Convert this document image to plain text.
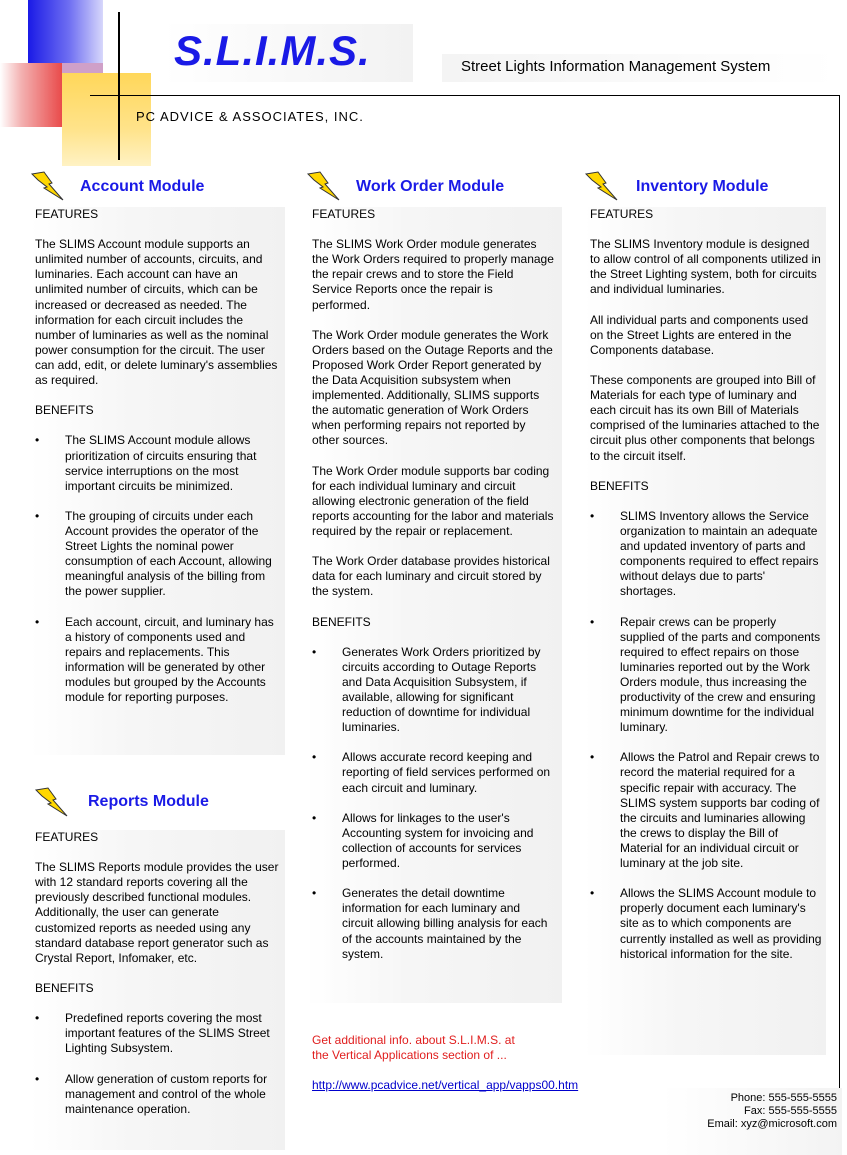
S.L.I.M.S.	Street Lights Information Management System
PC ADVICE & ASSOCIATES, INC.
Account Module
FEATURES

The SLIMS Account module supports an unlimited number of accounts, circuits, and luminaries. Each account can have an unlimited number of circuits, which can be increased or decreased as needed. The information for each circuit includes the number of luminaries as well as the nominal power consumption for the circuit. The user can add, edit, or delete luminary's assemblies as required.

BENEFITS
• The SLIMS Account module allows prioritization of circuits ensuring that service interruptions on the most important circuits be minimized.
• The grouping of circuits under each Account provides the operator of the Street Lights the nominal power consumption of each Account, allowing meaningful analysis of the billing from the power supplier.
• Each account, circuit, and luminary has a history of components used and repairs and replacements. This information will be generated by other modules but grouped by the Accounts module for reporting purposes.
Reports Module
FEATURES

The SLIMS Reports module provides the user with 12 standard reports covering all the previously described functional modules. Additionally, the user can generate customized reports as needed using any standard database report generator such as Crystal Report, Infomaker, etc.

BENEFITS
• Predefined reports covering the most important features of the SLIMS Street Lighting Subsystem.
• Allow generation of custom reports for management and control of the whole maintenance operation.
Work Order Module
FEATURES

The SLIMS Work Order module generates the Work Orders required to properly manage the repair crews and to store the Field Service Reports once the repair is performed.

The Work Order module generates the Work Orders based on the Outage Reports and the Proposed Work Order Report generated by the Data Acquisition subsystem when implemented. Additionally, SLIMS supports the automatic generation of Work Orders when performing repairs not reported by other sources.

The Work Order module supports bar coding for each individual luminary and circuit allowing electronic generation of the field reports accounting for the labor and materials required by the repair or replacement.

The Work Order database provides historical data for each luminary and circuit stored by the system.

BENEFITS
• Generates Work Orders prioritized by circuits according to Outage Reports and Data Acquisition Subsystem, if available, allowing for significant reduction of downtime for individual luminaries.
• Allows accurate record keeping and reporting of field services performed on each circuit and luminary.
• Allows for linkages to the user's Accounting system for invoicing and collection of accounts for services performed.
• Generates the detail downtime information for each luminary and circuit allowing billing analysis for each of the accounts maintained by the system.
Inventory Module
FEATURES

The SLIMS Inventory module is designed to allow control of all components utilized in the Street Lighting system, both for circuits and individual luminaries.

All individual parts and components used on the Street Lights are entered in the Components database.

These components are grouped into Bill of Materials for each type of luminary and each circuit has its own Bill of Materials comprised of the luminaries attached to the circuit plus other components that belongs to the circuit itself.

BENEFITS
• SLIMS Inventory allows the Service organization to maintain an adequate and updated inventory of parts and components required to effect repairs without delays due to parts' shortages.
• Repair crews can be properly supplied of the parts and components required to effect repairs on those luminaries reported out by the Work Orders module, thus increasing the productivity of the crew and ensuring minimum downtime for the individual luminary.
• Allows the Patrol and Repair crews to record the material required for a specific repair with accuracy. The SLIMS system supports bar coding of the circuits and luminaries allowing the crews to display the Bill of Material for an individual circuit or luminary at the job site.
• Allows the SLIMS Account module to properly document each luminary's site as to which components are currently installed as well as providing historical information for the site.
Get additional info. about S.L.I.M.S. at
the Vertical Applications section of ...
http://www.pcadvice.net/vertical_app/vapps00.htm
Phone: 555-555-5555
Fax: 555-555-5555
Email: xyz@microsoft.com
